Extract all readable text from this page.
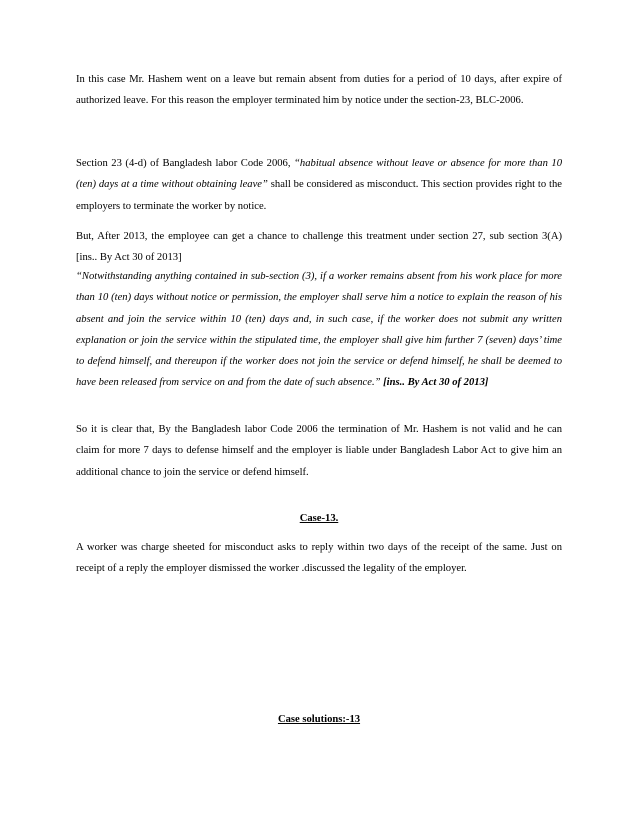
In this case Mr. Hashem went on a leave but remain absent from duties for a period of 10 days, after expire of authorized leave. For this reason the employer terminated him by notice under the section-23, BLC-2006.

Section 23 (4-d) of Bangladesh labor Code 2006, “habitual absence without leave or absence for more than 10 (ten) days at a time without obtaining leave” shall be considered as misconduct. This section provides right to the employers to terminate the worker by notice.

But, After 2013, the employee can get a chance to challenge this treatment under section 27, sub section 3(A) [ins.. By Act 30 of 2013]

“Notwithstanding anything contained in sub-section (3), if a worker remains absent from his work place for more than 10 (ten) days without notice or permission, the employer shall serve him a notice to explain the reason of his absent and join the service within 10 (ten) days and, in such case, if the worker does not submit any written explanation or join the service within the stipulated time, the employer shall give him further 7 (seven) days’ time to defend himself, and thereupon if the worker does not join the service or defend himself, he shall be deemed to have been released from service on and from the date of such absence.” [ins.. By Act 30 of 2013]

So it is clear that, By the Bangladesh labor Code 2006 the termination of Mr. Hashem is not valid and he can claim for more 7 days to defense himself and the employer is liable under Bangladesh Labor Act to give him an additional chance to join the service or defend himself.

Case-13.

A worker was charge sheeted for misconduct asks to reply within two days of the receipt of the same. Just on receipt of a reply the employer dismissed the worker .discussed the legality of the employer.

Case solutions:-13
